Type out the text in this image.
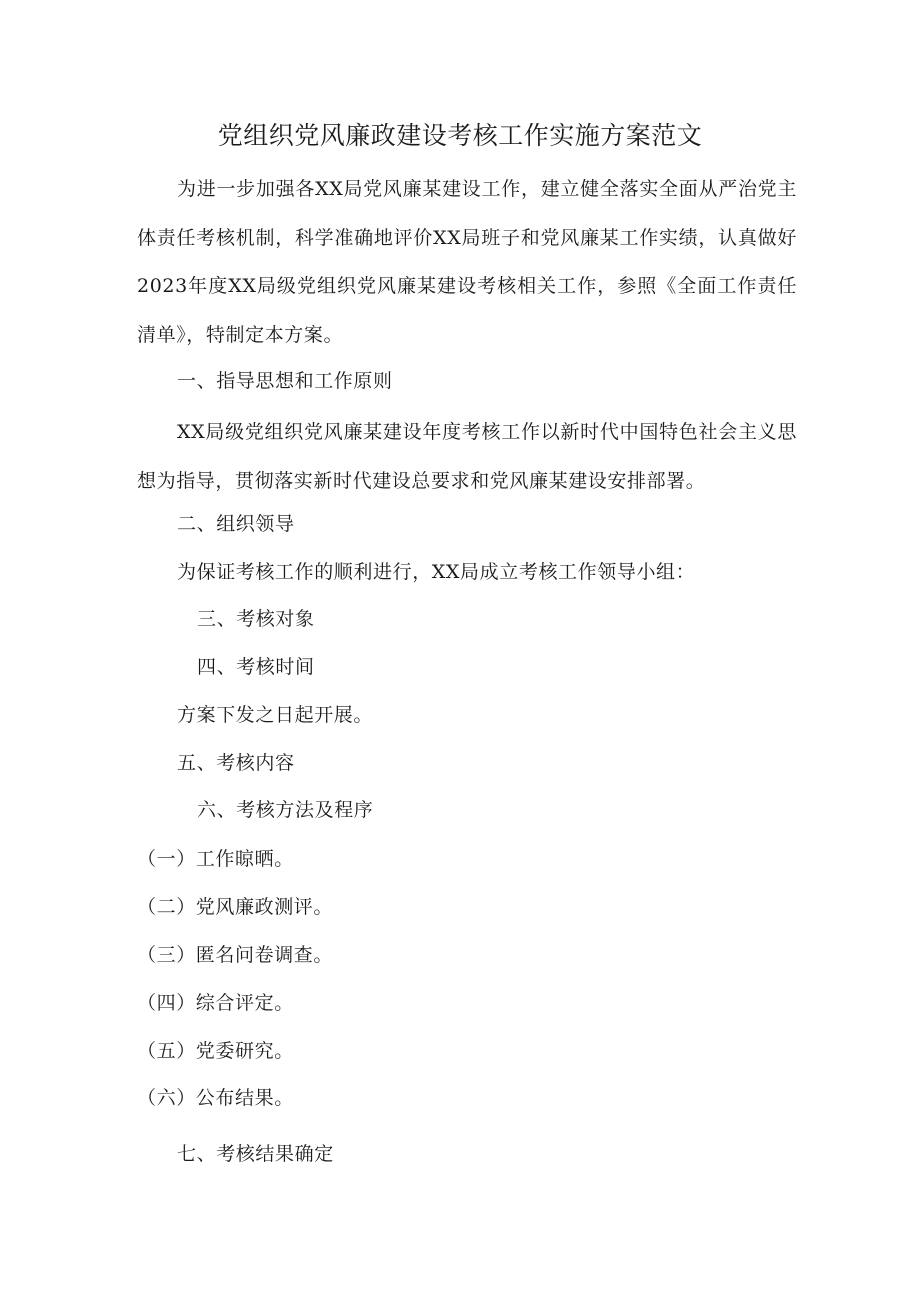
党组织党风廉政建设考核工作实施方案范文
为进一步加强各XX局党风廉某建设工作，建立健全落实全面从严治党主体责任考核机制，科学准确地评价XX局班子和党风廉某工作实绩，认真做好2023年度XX局级党组织党风廉某建设考核相关工作，参照《全面工作责任清单》，特制定本方案。
一、指导思想和工作原则
XX局级党组织党风廉某建设年度考核工作以新时代中国特色社会主义思想为指导，贯彻落实新时代建设总要求和党风廉某建设安排部署。
二、组织领导
为保证考核工作的顺利进行，XX局成立考核工作领导小组：
三、考核对象
四、考核时间
方案下发之日起开展。
五、考核内容
六、考核方法及程序
（一）工作晾晒。
（二）党风廉政测评。
（三）匿名问卷调查。
（四）综合评定。
（五）党委研究。
（六）公布结果。
七、考核结果确定
